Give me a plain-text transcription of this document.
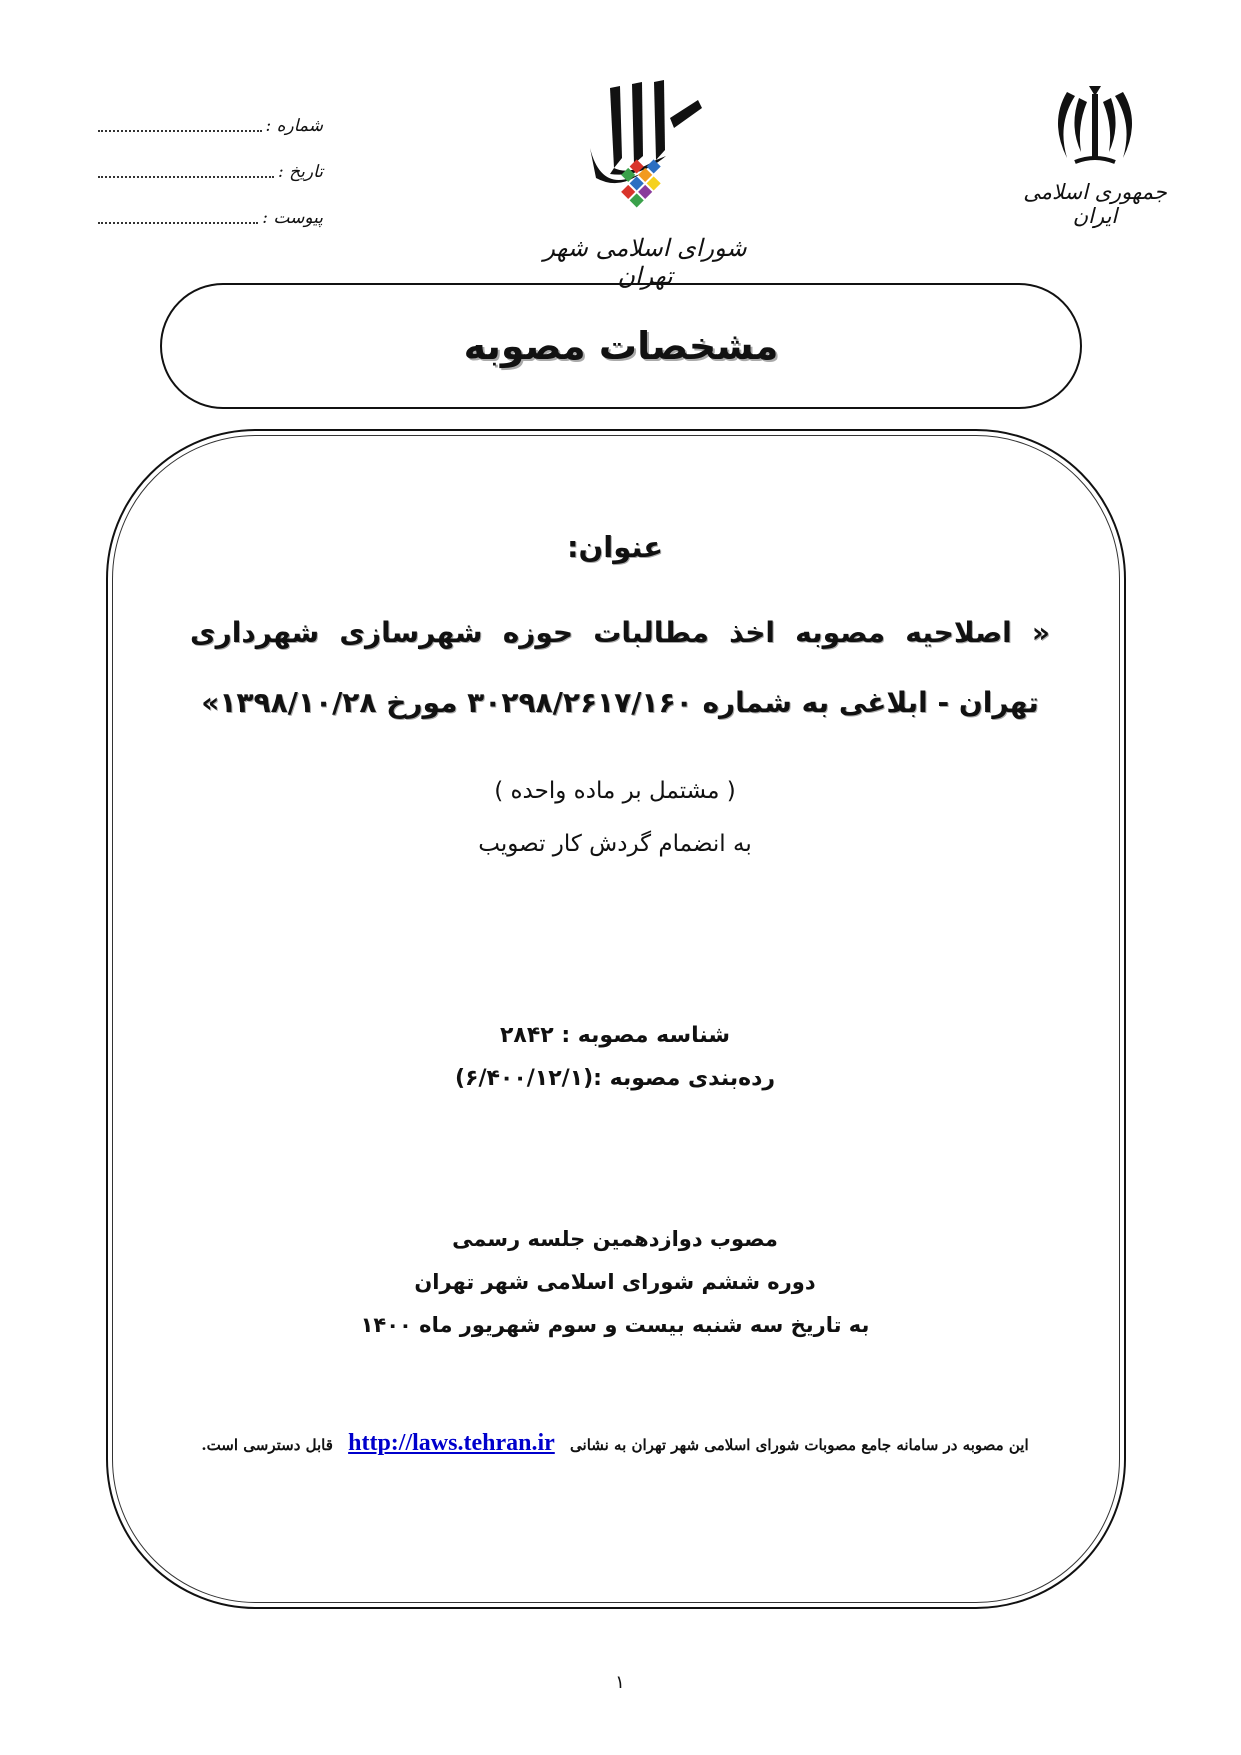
شماره :
تاریخ :
پیوست :
شورای اسلامی شهر تهران
جمهوری اسلامی ایران
مشخصات مصوبه
عنوان:
« اصلاحیه مصوبه اخذ مطالبات حوزه شهرسازی شهرداری تهران - ابلاغی به شماره ۳۰۲۹۸/۲۶۱۷/۱۶۰ مورخ ۱۳۹۸/۱۰/۲۸»
( مشتمل بر ماده واحده )
به انضمام گردش کار تصویب
شناسه مصوبه : ۲۸۴۲
رده‌بندی مصوبه :(۶/۴۰۰/۱۲/۱)
مصوب دوازدهمین جلسه رسمی
دوره ششم شورای اسلامی شهر تهران
به تاریخ سه شنبه بیست و سوم شهریور ماه ۱۴۰۰
این مصوبه در سامانه جامع مصوبات شورای اسلامی شهر تهران به نشانی http://laws.tehran.ir قابل دسترسی است.
۱
